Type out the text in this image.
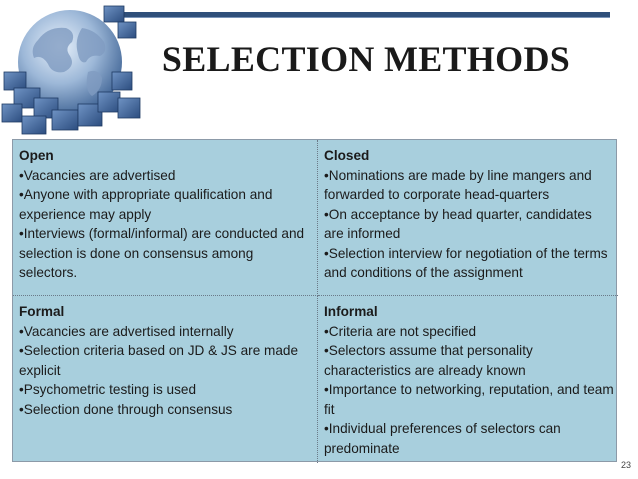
SELECTION METHODS
Open
•Vacancies are advertised
•Anyone with appropriate qualification and experience may apply
•Interviews (formal/informal) are conducted and selection is done on consensus among selectors.
Closed
•Nominations are made by line mangers and forwarded to corporate head-quarters
•On acceptance by head quarter, candidates are informed
•Selection interview for negotiation of the terms and conditions of the assignment
Formal
•Vacancies are advertised internally
•Selection criteria based on JD & JS are made explicit
•Psychometric testing is used
•Selection done through consensus
Informal
•Criteria are not specified
•Selectors assume that personality characteristics are already known
•Importance to networking, reputation, and team fit
•Individual preferences of selectors can predominate
23
